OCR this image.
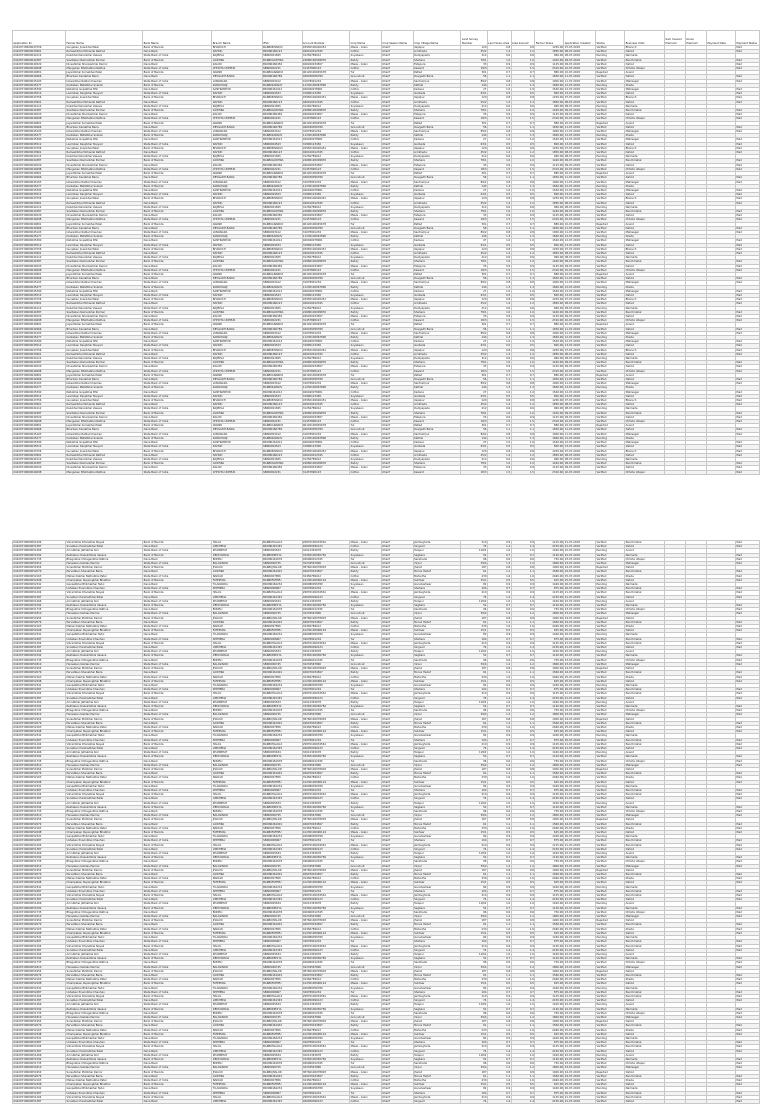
Application ID	Farmer Name	Bank Name	Branch Name	IFSC	Account Number	Crop Name	Crop Season Name	Crop Village Name	Land Survey Number	Land Sown Area	Area Insured	Farmer Share	Application Created	Status	Business Units	Sum Insured Premium	Gross Premium	Payment Date	Payment Status
04220718000043756	Gunjaben Jivanbhai Patel	Bank of Baroda	BHARUCH	BARB0BHARUC	03950100026451	Maize - Grain	Kharif	Vejalpur	120	0.8	0.8	1250.00	07-07-2018	Verified	Bharuch				Paid
04220718000043901	Rameshbhai Mohanlal Rathod	Dena Bank	DAHOD	BKDN0460123	046010012345	Cotton	Kharif	Limkheda	45/2	1.2	1.2	1850.00	08-07-2018	Verified	Dahod				Paid
04220718000044112	Kalubhai Naranbhai Vasava	State Bank of India	RAJPIPLA	SBIN0001845	31256789012	Soyabean	Kharif	Dediyapada	212	0.6	0.6	960.00	08-07-2018	Pending	Narmada				
04220718000044387	Savitaben Ramanbhai Parmar	Bank of Baroda	GODHRA	BARB0GODHRA	24680100009876	Paddy	Kharif	Shehera	78/1	1.0	1.0	1420.00	09-07-2018	Verified	Panchmahal				Paid
04220718000044520	Dineshbhai Shankarbhai Damor	Dena Bank	ZALOD	BKDN0460456	046020034567	Maize - Grain	Kharif	Fatepura	33	0.9	0.9	1125.00	09-07-2018	Verified	Dahod				Paid
04220718000044698	Manguben Bhikhabhai Rathva	State Bank of India	CHHOTA UDEPUR	SBIN0002231	31457890123	Cotton	Kharif	Kawant	18/3	1.5	1.5	2310.00	10-07-2018	Verified	Chhota Udepur				Paid
04220718000044801	Jayantibhai Somabhai Patel	Bank of Baroda	ANAND	BARB0ANANDX	06120100045678	Tur	Kharif	Petlad	301	0.7	0.7	880.00	10-07-2018	Rejected	Anand				
04220718000044966	Bhuriben Kanabhai Baria	Dena Bank	DEVGADH BARIA	BKDN0460789	046030056789	Groundnut	Kharif	Devgadh Baria	56	1.1	1.1	1650.00	11-07-2018	Verified	Dahod				Paid
04220718000045103	Ishwarbhai Ratilal Chauhan	State Bank of India	LUNAWADA	SBIN0003412	31678901234	Maize - Grain	Kharif	Santrampur	89/2	0.8	0.8	1000.00	11-07-2018	Verified	Mahisagar				Paid
04220718000045277	Kantaben Mafatbhai Solanki	Bank of Baroda	KAPADVANJ	BARB0KAPADV	11230100067890	Paddy	Kharif	Kathlal	144	1.3	1.3	1840.00	12-07-2018	Pending	Kheda				
04220718000045390	Natubhai Gopalbhai Bhil	Dena Bank	SANTRAMPUR	BKDN0461012	046040078901	Cotton	Kharif	Kadana	27	1.0	1.0	1540.00	12-07-2018	Verified	Mahisagar				Paid
04220718000045512	Laxmiben Ravjibhai Taviyad	State Bank of India	DAHOD	SBIN0004523	31890123456	Soyabean	Kharif	Garbada	63/1	0.5	0.5	800.00	13-07-2018	Verified	Dahod				Paid
04220718000043756	Gunjaben Jivanbhai Patel	Bank of Baroda	BHARUCH	BARB0BHARUC	03950100026451	Maize - Grain	Kharif	Vejalpur	120	0.8	0.8	1250.00	07-07-2018	Verified	Bharuch				Paid
04220718000043901	Rameshbhai Mohanlal Rathod	Dena Bank	DAHOD	BKDN0460123	046010012345	Cotton	Kharif	Limkheda	45/2	1.2	1.2	1850.00	08-07-2018	Verified	Dahod				Paid
04220718000044112	Kalubhai Naranbhai Vasava	State Bank of India	RAJPIPLA	SBIN0001845	31256789012	Soyabean	Kharif	Dediyapada	212	0.6	0.6	960.00	08-07-2018	Pending	Narmada				
04220718000044387	Savitaben Ramanbhai Parmar	Bank of Baroda	GODHRA	BARB0GODHRA	24680100009876	Paddy	Kharif	Shehera	78/1	1.0	1.0	1420.00	09-07-2018	Verified	Panchmahal				Paid
04220718000044520	Dineshbhai Shankarbhai Damor	Dena Bank	ZALOD	BKDN0460456	046020034567	Maize - Grain	Kharif	Fatepura	33	0.9	0.9	1125.00	09-07-2018	Verified	Dahod				Paid
04220718000044698	Manguben Bhikhabhai Rathva	State Bank of India	CHHOTA UDEPUR	SBIN0002231	31457890123	Cotton	Kharif	Kawant	18/3	1.5	1.5	2310.00	10-07-2018	Verified	Chhota Udepur				Paid
04220718000044801	Jayantibhai Somabhai Patel	Bank of Baroda	ANAND	BARB0ANANDX	06120100045678	Tur	Kharif	Petlad	301	0.7	0.7	880.00	10-07-2018	Rejected	Anand				
04220718000044966	Bhuriben Kanabhai Baria	Dena Bank	DEVGADH BARIA	BKDN0460789	046030056789	Groundnut	Kharif	Devgadh Baria	56	1.1	1.1	1650.00	11-07-2018	Verified	Dahod				Paid
04220718000045103	Ishwarbhai Ratilal Chauhan	State Bank of India	LUNAWADA	SBIN0003412	31678901234	Maize - Grain	Kharif	Santrampur	89/2	0.8	0.8	1000.00	11-07-2018	Verified	Mahisagar				Paid
04220718000045277	Kantaben Mafatbhai Solanki	Bank of Baroda	KAPADVANJ	BARB0KAPADV	11230100067890	Paddy	Kharif	Kathlal	144	1.3	1.3	1840.00	12-07-2018	Pending	Kheda				
04220718000045390	Natubhai Gopalbhai Bhil	Dena Bank	SANTRAMPUR	BKDN0461012	046040078901	Cotton	Kharif	Kadana	27	1.0	1.0	1540.00	12-07-2018	Verified	Mahisagar				Paid
04220718000045512	Laxmiben Ravjibhai Taviyad	State Bank of India	DAHOD	SBIN0004523	31890123456	Soyabean	Kharif	Garbada	63/1	0.5	0.5	800.00	13-07-2018	Verified	Dahod				Paid
04220718000043756	Gunjaben Jivanbhai Patel	Bank of Baroda	BHARUCH	BARB0BHARUC	03950100026451	Maize - Grain	Kharif	Vejalpur	120	0.8	0.8	1250.00	07-07-2018	Verified	Bharuch				Paid
04220718000043901	Rameshbhai Mohanlal Rathod	Dena Bank	DAHOD	BKDN0460123	046010012345	Cotton	Kharif	Limkheda	45/2	1.2	1.2	1850.00	08-07-2018	Verified	Dahod				Paid
04220718000044112	Kalubhai Naranbhai Vasava	State Bank of India	RAJPIPLA	SBIN0001845	31256789012	Soyabean	Kharif	Dediyapada	212	0.6	0.6	960.00	08-07-2018	Pending	Narmada				
04220718000044387	Savitaben Ramanbhai Parmar	Bank of Baroda	GODHRA	BARB0GODHRA	24680100009876	Paddy	Kharif	Shehera	78/1	1.0	1.0	1420.00	09-07-2018	Verified	Panchmahal				Paid
04220718000044520	Dineshbhai Shankarbhai Damor	Dena Bank	ZALOD	BKDN0460456	046020034567	Maize - Grain	Kharif	Fatepura	33	0.9	0.9	1125.00	09-07-2018	Verified	Dahod				Paid
04220718000044698	Manguben Bhikhabhai Rathva	State Bank of India	CHHOTA UDEPUR	SBIN0002231	31457890123	Cotton	Kharif	Kawant	18/3	1.5	1.5	2310.00	10-07-2018	Verified	Chhota Udepur				Paid
04220718000044801	Jayantibhai Somabhai Patel	Bank of Baroda	ANAND	BARB0ANANDX	06120100045678	Tur	Kharif	Petlad	301	0.7	0.7	880.00	10-07-2018	Rejected	Anand				
04220718000044966	Bhuriben Kanabhai Baria	Dena Bank	DEVGADH BARIA	BKDN0460789	046030056789	Groundnut	Kharif	Devgadh Baria	56	1.1	1.1	1650.00	11-07-2018	Verified	Dahod				Paid
04220718000045103	Ishwarbhai Ratilal Chauhan	State Bank of India	LUNAWADA	SBIN0003412	31678901234	Maize - Grain	Kharif	Santrampur	89/2	0.8	0.8	1000.00	11-07-2018	Verified	Mahisagar				Paid
04220718000045277	Kantaben Mafatbhai Solanki	Bank of Baroda	KAPADVANJ	BARB0KAPADV	11230100067890	Paddy	Kharif	Kathlal	144	1.3	1.3	1840.00	12-07-2018	Pending	Kheda				
04220718000045390	Natubhai Gopalbhai Bhil	Dena Bank	SANTRAMPUR	BKDN0461012	046040078901	Cotton	Kharif	Kadana	27	1.0	1.0	1540.00	12-07-2018	Verified	Mahisagar				Paid
04220718000045512	Laxmiben Ravjibhai Taviyad	State Bank of India	DAHOD	SBIN0004523	31890123456	Soyabean	Kharif	Garbada	63/1	0.5	0.5	800.00	13-07-2018	Verified	Dahod				Paid
04220718000043756	Gunjaben Jivanbhai Patel	Bank of Baroda	BHARUCH	BARB0BHARUC	03950100026451	Maize - Grain	Kharif	Vejalpur	120	0.8	0.8	1250.00	07-07-2018	Verified	Bharuch				Paid
04220718000043901	Rameshbhai Mohanlal Rathod	Dena Bank	DAHOD	BKDN0460123	046010012345	Cotton	Kharif	Limkheda	45/2	1.2	1.2	1850.00	08-07-2018	Verified	Dahod				Paid
04220718000044112	Kalubhai Naranbhai Vasava	State Bank of India	RAJPIPLA	SBIN0001845	31256789012	Soyabean	Kharif	Dediyapada	212	0.6	0.6	960.00	08-07-2018	Pending	Narmada				
04220718000044387	Savitaben Ramanbhai Parmar	Bank of Baroda	GODHRA	BARB0GODHRA	24680100009876	Paddy	Kharif	Shehera	78/1	1.0	1.0	1420.00	09-07-2018	Verified	Panchmahal				Paid
04220718000044520	Dineshbhai Shankarbhai Damor	Dena Bank	ZALOD	BKDN0460456	046020034567	Maize - Grain	Kharif	Fatepura	33	0.9	0.9	1125.00	09-07-2018	Verified	Dahod				Paid
04220718000044698	Manguben Bhikhabhai Rathva	State Bank of India	CHHOTA UDEPUR	SBIN0002231	31457890123	Cotton	Kharif	Kawant	18/3	1.5	1.5	2310.00	10-07-2018	Verified	Chhota Udepur				Paid
04220718000044801	Jayantibhai Somabhai Patel	Bank of Baroda	ANAND	BARB0ANANDX	06120100045678	Tur	Kharif	Petlad	301	0.7	0.7	880.00	10-07-2018	Rejected	Anand				
04220718000044966	Bhuriben Kanabhai Baria	Dena Bank	DEVGADH BARIA	BKDN0460789	046030056789	Groundnut	Kharif	Devgadh Baria	56	1.1	1.1	1650.00	11-07-2018	Verified	Dahod				Paid
04220718000045103	Ishwarbhai Ratilal Chauhan	State Bank of India	LUNAWADA	SBIN0003412	31678901234	Maize - Grain	Kharif	Santrampur	89/2	0.8	0.8	1000.00	11-07-2018	Verified	Mahisagar				Paid
04220718000045277	Kantaben Mafatbhai Solanki	Bank of Baroda	KAPADVANJ	BARB0KAPADV	11230100067890	Paddy	Kharif	Kathlal	144	1.3	1.3	1840.00	12-07-2018	Pending	Kheda				
04220718000045390	Natubhai Gopalbhai Bhil	Dena Bank	SANTRAMPUR	BKDN0461012	046040078901	Cotton	Kharif	Kadana	27	1.0	1.0	1540.00	12-07-2018	Verified	Mahisagar				Paid
04220718000045512	Laxmiben Ravjibhai Taviyad	State Bank of India	DAHOD	SBIN0004523	31890123456	Soyabean	Kharif	Garbada	63/1	0.5	0.5	800.00	13-07-2018	Verified	Dahod				Paid
04220718000043756	Gunjaben Jivanbhai Patel	Bank of Baroda	BHARUCH	BARB0BHARUC	03950100026451	Maize - Grain	Kharif	Vejalpur	120	0.8	0.8	1250.00	07-07-2018	Verified	Bharuch				Paid
04220718000043901	Rameshbhai Mohanlal Rathod	Dena Bank	DAHOD	BKDN0460123	046010012345	Cotton	Kharif	Limkheda	45/2	1.2	1.2	1850.00	08-07-2018	Verified	Dahod				Paid
04220718000044112	Kalubhai Naranbhai Vasava	State Bank of India	RAJPIPLA	SBIN0001845	31256789012	Soyabean	Kharif	Dediyapada	212	0.6	0.6	960.00	08-07-2018	Pending	Narmada				
04220718000044387	Savitaben Ramanbhai Parmar	Bank of Baroda	GODHRA	BARB0GODHRA	24680100009876	Paddy	Kharif	Shehera	78/1	1.0	1.0	1420.00	09-07-2018	Verified	Panchmahal				Paid
04220718000044520	Dineshbhai Shankarbhai Damor	Dena Bank	ZALOD	BKDN0460456	046020034567	Maize - Grain	Kharif	Fatepura	33	0.9	0.9	1125.00	09-07-2018	Verified	Dahod				Paid
04220718000044698	Manguben Bhikhabhai Rathva	State Bank of India	CHHOTA UDEPUR	SBIN0002231	31457890123	Cotton	Kharif	Kawant	18/3	1.5	1.5	2310.00	10-07-2018	Verified	Chhota Udepur				Paid
04220718000044801	Jayantibhai Somabhai Patel	Bank of Baroda	ANAND	BARB0ANANDX	06120100045678	Tur	Kharif	Petlad	301	0.7	0.7	880.00	10-07-2018	Rejected	Anand				
04220718000044966	Bhuriben Kanabhai Baria	Dena Bank	DEVGADH BARIA	BKDN0460789	046030056789	Groundnut	Kharif	Devgadh Baria	56	1.1	1.1	1650.00	11-07-2018	Verified	Dahod				Paid
04220718000045103	Ishwarbhai Ratilal Chauhan	State Bank of India	LUNAWADA	SBIN0003412	31678901234	Maize - Grain	Kharif	Santrampur	89/2	0.8	0.8	1000.00	11-07-2018	Verified	Mahisagar				Paid
04220718000045277	Kantaben Mafatbhai Solanki	Bank of Baroda	KAPADVANJ	BARB0KAPADV	11230100067890	Paddy	Kharif	Kathlal	144	1.3	1.3	1840.00	12-07-2018	Pending	Kheda				
04220718000045390	Natubhai Gopalbhai Bhil	Dena Bank	SANTRAMPUR	BKDN0461012	046040078901	Cotton	Kharif	Kadana	27	1.0	1.0	1540.00	12-07-2018	Verified	Mahisagar				Paid
04220718000045512	Laxmiben Ravjibhai Taviyad	State Bank of India	DAHOD	SBIN0004523	31890123456	Soyabean	Kharif	Garbada	63/1	0.5	0.5	800.00	13-07-2018	Verified	Dahod				Paid
04220718000043756	Gunjaben Jivanbhai Patel	Bank of Baroda	BHARUCH	BARB0BHARUC	03950100026451	Maize - Grain	Kharif	Vejalpur	120	0.8	0.8	1250.00	07-07-2018	Verified	Bharuch				Paid
04220718000043901	Rameshbhai Mohanlal Rathod	Dena Bank	DAHOD	BKDN0460123	046010012345	Cotton	Kharif	Limkheda	45/2	1.2	1.2	1850.00	08-07-2018	Verified	Dahod				Paid
04220718000044112	Kalubhai Naranbhai Vasava	State Bank of India	RAJPIPLA	SBIN0001845	31256789012	Soyabean	Kharif	Dediyapada	212	0.6	0.6	960.00	08-07-2018	Pending	Narmada				
04220718000044387	Savitaben Ramanbhai Parmar	Bank of Baroda	GODHRA	BARB0GODHRA	24680100009876	Paddy	Kharif	Shehera	78/1	1.0	1.0	1420.00	09-07-2018	Verified	Panchmahal				Paid
04220718000044520	Dineshbhai Shankarbhai Damor	Dena Bank	ZALOD	BKDN0460456	046020034567	Maize - Grain	Kharif	Fatepura	33	0.9	0.9	1125.00	09-07-2018	Verified	Dahod				Paid
04220718000044698	Manguben Bhikhabhai Rathva	State Bank of India	CHHOTA UDEPUR	SBIN0002231	31457890123	Cotton	Kharif	Kawant	18/3	1.5	1.5	2310.00	10-07-2018	Verified	Chhota Udepur				Paid
04220718000044801	Jayantibhai Somabhai Patel	Bank of Baroda	ANAND	BARB0ANANDX	06120100045678	Tur	Kharif	Petlad	301	0.7	0.7	880.00	10-07-2018	Rejected	Anand				
04220718000044966	Bhuriben Kanabhai Baria	Dena Bank	DEVGADH BARIA	BKDN0460789	046030056789	Groundnut	Kharif	Devgadh Baria	56	1.1	1.1	1650.00	11-07-2018	Verified	Dahod				Paid
04220718000045103	Ishwarbhai Ratilal Chauhan	State Bank of India	LUNAWADA	SBIN0003412	31678901234	Maize - Grain	Kharif	Santrampur	89/2	0.8	0.8	1000.00	11-07-2018	Verified	Mahisagar				Paid
04220718000045277	Kantaben Mafatbhai Solanki	Bank of Baroda	KAPADVANJ	BARB0KAPADV	11230100067890	Paddy	Kharif	Kathlal	144	1.3	1.3	1840.00	12-07-2018	Pending	Kheda				
04220718000045390	Natubhai Gopalbhai Bhil	Dena Bank	SANTRAMPUR	BKDN0461012	046040078901	Cotton	Kharif	Kadana	27	1.0	1.0	1540.00	12-07-2018	Verified	Mahisagar				Paid
04220718000045512	Laxmiben Ravjibhai Taviyad	State Bank of India	DAHOD	SBIN0004523	31890123456	Soyabean	Kharif	Garbada	63/1	0.5	0.5	800.00	13-07-2018	Verified	Dahod				Paid
04220718000043756	Gunjaben Jivanbhai Patel	Bank of Baroda	BHARUCH	BARB0BHARUC	03950100026451	Maize - Grain	Kharif	Vejalpur	120	0.8	0.8	1250.00	07-07-2018	Verified	Bharuch				Paid
04220718000043901	Rameshbhai Mohanlal Rathod	Dena Bank	DAHOD	BKDN0460123	046010012345	Cotton	Kharif	Limkheda	45/2	1.2	1.2	1850.00	08-07-2018	Verified	Dahod				Paid
04220718000044112	Kalubhai Naranbhai Vasava	State Bank of India	RAJPIPLA	SBIN0001845	31256789012	Soyabean	Kharif	Dediyapada	212	0.6	0.6	960.00	08-07-2018	Pending	Narmada				
04220718000044387	Savitaben Ramanbhai Parmar	Bank of Baroda	GODHRA	BARB0GODHRA	24680100009876	Paddy	Kharif	Shehera	78/1	1.0	1.0	1420.00	09-07-2018	Verified	Panchmahal				Paid
04220718000044520	Dineshbhai Shankarbhai Damor	Dena Bank	ZALOD	BKDN0460456	046020034567	Maize - Grain	Kharif	Fatepura	33	0.9	0.9	1125.00	09-07-2018	Verified	Dahod				Paid
04220718000044698	Manguben Bhikhabhai Rathva	State Bank of India	CHHOTA UDEPUR	SBIN0002231	31457890123	Cotton	Kharif	Kawant	18/3	1.5	1.5	2310.00	10-07-2018	Verified	Chhota Udepur				Paid
04220718000044801	Jayantibhai Somabhai Patel	Bank of Baroda	ANAND	BARB0ANANDX	06120100045678	Tur	Kharif	Petlad	301	0.7	0.7	880.00	10-07-2018	Rejected	Anand				
04220718000044966	Bhuriben Kanabhai Baria	Dena Bank	DEVGADH BARIA	BKDN0460789	046030056789	Groundnut	Kharif	Devgadh Baria	56	1.1	1.1	1650.00	11-07-2018	Verified	Dahod				Paid
04220718000045103	Ishwarbhai Ratilal Chauhan	State Bank of India	LUNAWADA	SBIN0003412	31678901234	Maize - Grain	Kharif	Santrampur	89/2	0.8	0.8	1000.00	11-07-2018	Verified	Mahisagar				Paid
04220718000045277	Kantaben Mafatbhai Solanki	Bank of Baroda	KAPADVANJ	BARB0KAPADV	11230100067890	Paddy	Kharif	Kathlal	144	1.3	1.3	1840.00	12-07-2018	Pending	Kheda				
04220718000045390	Natubhai Gopalbhai Bhil	Dena Bank	SANTRAMPUR	BKDN0461012	046040078901	Cotton	Kharif	Kadana	27	1.0	1.0	1540.00	12-07-2018	Verified	Mahisagar				Paid
04220718000045512	Laxmiben Ravjibhai Taviyad	State Bank of India	DAHOD	SBIN0004523	31890123456	Soyabean	Kharif	Garbada	63/1	0.5	0.5	800.00	13-07-2018	Verified	Dahod				Paid
04220718000043756	Gunjaben Jivanbhai Patel	Bank of Baroda	BHARUCH	BARB0BHARUC	03950100026451	Maize - Grain	Kharif	Vejalpur	120	0.8	0.8	1250.00	07-07-2018	Verified	Bharuch				Paid
04220718000043901	Rameshbhai Mohanlal Rathod	Dena Bank	DAHOD	BKDN0460123	046010012345	Cotton	Kharif	Limkheda	45/2	1.2	1.2	1850.00	08-07-2018	Verified	Dahod				Paid
04220718000044112	Kalubhai Naranbhai Vasava	State Bank of India	RAJPIPLA	SBIN0001845	31256789012	Soyabean	Kharif	Dediyapada	212	0.6	0.6	960.00	08-07-2018	Pending	Narmada				
04220718000044387	Savitaben Ramanbhai Parmar	Bank of Baroda	GODHRA	BARB0GODHRA	24680100009876	Paddy	Kharif	Shehera	78/1	1.0	1.0	1420.00	09-07-2018	Verified	Panchmahal				Paid
04220718000044520	Dineshbhai Shankarbhai Damor	Dena Bank	ZALOD	BKDN0460456	046020034567	Maize - Grain	Kharif	Fatepura	33	0.9	0.9	1125.00	09-07-2018	Verified	Dahod				Paid
04220718000044698	Manguben Bhikhabhai Rathva	State Bank of India	CHHOTA UDEPUR	SBIN0002231	31457890123	Cotton	Kharif	Kawant	18/3	1.5	1.5	2310.00	10-07-2018	Verified	Chhota Udepur				Paid
04220718000044801	Jayantibhai Somabhai Patel	Bank of Baroda	ANAND	BARB0ANANDX	06120100045678	Tur	Kharif	Petlad	301	0.7	0.7	880.00	10-07-2018	Rejected	Anand				
04220718000044966	Bhuriben Kanabhai Baria	Dena Bank	DEVGADH BARIA	BKDN0460789	046030056789	Groundnut	Kharif	Devgadh Baria	56	1.1	1.1	1650.00	11-07-2018	Verified	Dahod				Paid
04220718000045103	Ishwarbhai Ratilal Chauhan	State Bank of India	LUNAWADA	SBIN0003412	31678901234	Maize - Grain	Kharif	Santrampur	89/2	0.8	0.8	1000.00	11-07-2018	Verified	Mahisagar				Paid
04220718000045277	Kantaben Mafatbhai Solanki	Bank of Baroda	KAPADVANJ	BARB0KAPADV	11230100067890	Paddy	Kharif	Kathlal	144	1.3	1.3	1840.00	12-07-2018	Pending	Kheda				
04220718000045390	Natubhai Gopalbhai Bhil	Dena Bank	SANTRAMPUR	BKDN0461012	046040078901	Cotton	Kharif	Kadana	27	1.0	1.0	1540.00	12-07-2018	Verified	Mahisagar				Paid
04220718000045512	Laxmiben Ravjibhai Taviyad	State Bank of India	DAHOD	SBIN0004523	31890123456	Soyabean	Kharif	Garbada	63/1	0.5	0.5	800.00	13-07-2018	Verified	Dahod				Paid
04220718000043756	Gunjaben Jivanbhai Patel	Bank of Baroda	BHARUCH	BARB0BHARUC	03950100026451	Maize - Grain	Kharif	Vejalpur	120	0.8	0.8	1250.00	07-07-2018	Verified	Bharuch				Paid
04220718000043901	Rameshbhai Mohanlal Rathod	Dena Bank	DAHOD	BKDN0460123	046010012345	Cotton	Kharif	Limkheda	45/2	1.2	1.2	1850.00	08-07-2018	Verified	Dahod				Paid
04220718000044112	Kalubhai Naranbhai Vasava	State Bank of India	RAJPIPLA	SBIN0001845	31256789012	Soyabean	Kharif	Dediyapada	212	0.6	0.6	960.00	08-07-2018	Pending	Narmada				
04220718000044387	Savitaben Ramanbhai Parmar	Bank of Baroda	GODHRA	BARB0GODHRA	24680100009876	Paddy	Kharif	Shehera	78/1	1.0	1.0	1420.00	09-07-2018	Verified	Panchmahal				Paid
04220718000044520	Dineshbhai Shankarbhai Damor	Dena Bank	ZALOD	BKDN0460456	046020034567	Maize - Grain	Kharif	Fatepura	33	0.9	0.9	1125.00	09-07-2018	Verified	Dahod				Paid
04220718000044698	Manguben Bhikhabhai Rathva	State Bank of India	CHHOTA UDEPUR	SBIN0002231	31457890123	Cotton	Kharif	Kawant	18/3	1.5	1.5	2310.00	10-07-2018	Verified	Chhota Udepur				Paid
04220718000051204	Vikrambhai Dhulabhai Nayak	Bank of Baroda	HALOL	BARB0HALOLX	29870100034561	Maize - Grain	Kharif	Jambughoda	210	0.9	0.9	1125.00	21-07-2018	Verified	Panchmahal				Paid
04220718000051387	Sonalben Harshadbhai Patel	Dena Bank	LIMKHEDA	BKDN0461345	046050090123	Cotton	Kharif	Singvad	74	1.4	1.4	2150.00	21-07-2018	Verified	Dahod				Paid
04220718000051466	Amrutbhai Jethabhai Koli	State Bank of India	KHAMBHAT	SBIN0005634	32012345678	Paddy	Kharif	Tarapur	118/2	1.0	1.0	1420.00	22-07-2018	Pending	Anand				
04220718000051592	Rekhaben Dalsukhbhai Vasava	Bank of Baroda	DEDIYAPADA	BARB0DEDIYA	33450100056782	Soyabean	Kharif	Sagbara	52	0.7	0.7	1120.00	22-07-2018	Verified	Narmada				Paid
04220718000051735	Bhagubhai Chhaganbhai Rathva	Dena Bank	BODELI	BKDN0461678	046060012345	Tur	Kharif	Sankheda	96	0.6	0.6	750.00	23-07-2018	Verified	Chhota Udepur				Paid
04220718000051810	Hansaben Kalidas Parmar	State Bank of India	BALASINOR	SBIN0006745	32234567890	Groundnut	Kharif	Virpur	39/4	1.2	1.2	1800.00	23-07-2018	Verified	Mahisagar				Paid
04220718000051954	Sureshbhai Motibhai Damor	Bank of Baroda	JHALOD	BARB0JHALOD	38760100078903	Maize - Grain	Kharif	Jhalod	187	0.8	0.8	1000.00	24-07-2018	Rejected	Dahod				
04220718000052079	Parvatiben Shanabhai Baria	Dena Bank	GODHRA	BKDN0461901	046070034567	Paddy	Kharif	Morva Hadaf	61	1.1	1.1	1560.00	24-07-2018	Verified	Panchmahal				Paid
04220718000052163	Mahendrabhai Nathabhai Patel	State Bank of India	NADIAD	SBIN0007856	32456789012	Cotton	Kharif	Mahudha	230	1.6	1.6	2460.00	25-07-2018	Verified	Kheda				Paid
04220718000052298	Champaben Rupsingbhai Bhabhor	Bank of Baroda	FATEPURA	BARB0FATEPU	41230100090124	Maize - Grain	Kharif	Sukhsar	15/1	0.5	0.5	625.00	25-07-2018	Verified	Dahod				Paid
04220718000052341	Ganpatbhai Bhikhabhai Tadvi	Dena Bank	TILAKWADA	BKDN0462234	046080056789	Soyabean	Kharif	Garudeshwar	82	0.9	0.9	1440.00	26-07-2018	Pending	Narmada				
04220718000052487	Ushaben Pravinbhai Chauhan	State Bank of India	SHEHERA	SBIN0008967	32678901234	Tur	Kharif	Shehera	104	0.7	0.7	875.00	26-07-2018	Verified	Panchmahal				Paid
04220718000051204	Vikrambhai Dhulabhai Nayak	Bank of Baroda	HALOL	BARB0HALOLX	29870100034561	Maize - Grain	Kharif	Jambughoda	210	0.9	0.9	1125.00	21-07-2018	Verified	Panchmahal				Paid
04220718000051387	Sonalben Harshadbhai Patel	Dena Bank	LIMKHEDA	BKDN0461345	046050090123	Cotton	Kharif	Singvad	74	1.4	1.4	2150.00	21-07-2018	Verified	Dahod				Paid
04220718000051466	Amrutbhai Jethabhai Koli	State Bank of India	KHAMBHAT	SBIN0005634	32012345678	Paddy	Kharif	Tarapur	118/2	1.0	1.0	1420.00	22-07-2018	Pending	Anand				
04220718000051592	Rekhaben Dalsukhbhai Vasava	Bank of Baroda	DEDIYAPADA	BARB0DEDIYA	33450100056782	Soyabean	Kharif	Sagbara	52	0.7	0.7	1120.00	22-07-2018	Verified	Narmada				Paid
04220718000051735	Bhagubhai Chhaganbhai Rathva	Dena Bank	BODELI	BKDN0461678	046060012345	Tur	Kharif	Sankheda	96	0.6	0.6	750.00	23-07-2018	Verified	Chhota Udepur				Paid
04220718000051810	Hansaben Kalidas Parmar	State Bank of India	BALASINOR	SBIN0006745	32234567890	Groundnut	Kharif	Virpur	39/4	1.2	1.2	1800.00	23-07-2018	Verified	Mahisagar				Paid
04220718000051954	Sureshbhai Motibhai Damor	Bank of Baroda	JHALOD	BARB0JHALOD	38760100078903	Maize - Grain	Kharif	Jhalod	187	0.8	0.8	1000.00	24-07-2018	Rejected	Dahod				
04220718000052079	Parvatiben Shanabhai Baria	Dena Bank	GODHRA	BKDN0461901	046070034567	Paddy	Kharif	Morva Hadaf	61	1.1	1.1	1560.00	24-07-2018	Verified	Panchmahal				Paid
04220718000052163	Mahendrabhai Nathabhai Patel	State Bank of India	NADIAD	SBIN0007856	32456789012	Cotton	Kharif	Mahudha	230	1.6	1.6	2460.00	25-07-2018	Verified	Kheda				Paid
04220718000052298	Champaben Rupsingbhai Bhabhor	Bank of Baroda	FATEPURA	BARB0FATEPU	41230100090124	Maize - Grain	Kharif	Sukhsar	15/1	0.5	0.5	625.00	25-07-2018	Verified	Dahod				Paid
04220718000052341	Ganpatbhai Bhikhabhai Tadvi	Dena Bank	TILAKWADA	BKDN0462234	046080056789	Soyabean	Kharif	Garudeshwar	82	0.9	0.9	1440.00	26-07-2018	Pending	Narmada				
04220718000052487	Ushaben Pravinbhai Chauhan	State Bank of India	SHEHERA	SBIN0008967	32678901234	Tur	Kharif	Shehera	104	0.7	0.7	875.00	26-07-2018	Verified	Panchmahal				Paid
04220718000051204	Vikrambhai Dhulabhai Nayak	Bank of Baroda	HALOL	BARB0HALOLX	29870100034561	Maize - Grain	Kharif	Jambughoda	210	0.9	0.9	1125.00	21-07-2018	Verified	Panchmahal				Paid
04220718000051387	Sonalben Harshadbhai Patel	Dena Bank	LIMKHEDA	BKDN0461345	046050090123	Cotton	Kharif	Singvad	74	1.4	1.4	2150.00	21-07-2018	Verified	Dahod				Paid
04220718000051466	Amrutbhai Jethabhai Koli	State Bank of India	KHAMBHAT	SBIN0005634	32012345678	Paddy	Kharif	Tarapur	118/2	1.0	1.0	1420.00	22-07-2018	Pending	Anand				
04220718000051592	Rekhaben Dalsukhbhai Vasava	Bank of Baroda	DEDIYAPADA	BARB0DEDIYA	33450100056782	Soyabean	Kharif	Sagbara	52	0.7	0.7	1120.00	22-07-2018	Verified	Narmada				Paid
04220718000051735	Bhagubhai Chhaganbhai Rathva	Dena Bank	BODELI	BKDN0461678	046060012345	Tur	Kharif	Sankheda	96	0.6	0.6	750.00	23-07-2018	Verified	Chhota Udepur				Paid
04220718000051810	Hansaben Kalidas Parmar	State Bank of India	BALASINOR	SBIN0006745	32234567890	Groundnut	Kharif	Virpur	39/4	1.2	1.2	1800.00	23-07-2018	Verified	Mahisagar				Paid
04220718000051954	Sureshbhai Motibhai Damor	Bank of Baroda	JHALOD	BARB0JHALOD	38760100078903	Maize - Grain	Kharif	Jhalod	187	0.8	0.8	1000.00	24-07-2018	Rejected	Dahod				
04220718000052079	Parvatiben Shanabhai Baria	Dena Bank	GODHRA	BKDN0461901	046070034567	Paddy	Kharif	Morva Hadaf	61	1.1	1.1	1560.00	24-07-2018	Verified	Panchmahal				Paid
04220718000052163	Mahendrabhai Nathabhai Patel	State Bank of India	NADIAD	SBIN0007856	32456789012	Cotton	Kharif	Mahudha	230	1.6	1.6	2460.00	25-07-2018	Verified	Kheda				Paid
04220718000052298	Champaben Rupsingbhai Bhabhor	Bank of Baroda	FATEPURA	BARB0FATEPU	41230100090124	Maize - Grain	Kharif	Sukhsar	15/1	0.5	0.5	625.00	25-07-2018	Verified	Dahod				Paid
04220718000052341	Ganpatbhai Bhikhabhai Tadvi	Dena Bank	TILAKWADA	BKDN0462234	046080056789	Soyabean	Kharif	Garudeshwar	82	0.9	0.9	1440.00	26-07-2018	Pending	Narmada				
04220718000052487	Ushaben Pravinbhai Chauhan	State Bank of India	SHEHERA	SBIN0008967	32678901234	Tur	Kharif	Shehera	104	0.7	0.7	875.00	26-07-2018	Verified	Panchmahal				Paid
04220718000051204	Vikrambhai Dhulabhai Nayak	Bank of Baroda	HALOL	BARB0HALOLX	29870100034561	Maize - Grain	Kharif	Jambughoda	210	0.9	0.9	1125.00	21-07-2018	Verified	Panchmahal				Paid
04220718000051387	Sonalben Harshadbhai Patel	Dena Bank	LIMKHEDA	BKDN0461345	046050090123	Cotton	Kharif	Singvad	74	1.4	1.4	2150.00	21-07-2018	Verified	Dahod				Paid
04220718000051466	Amrutbhai Jethabhai Koli	State Bank of India	KHAMBHAT	SBIN0005634	32012345678	Paddy	Kharif	Tarapur	118/2	1.0	1.0	1420.00	22-07-2018	Pending	Anand				
04220718000051592	Rekhaben Dalsukhbhai Vasava	Bank of Baroda	DEDIYAPADA	BARB0DEDIYA	33450100056782	Soyabean	Kharif	Sagbara	52	0.7	0.7	1120.00	22-07-2018	Verified	Narmada				Paid
04220718000051735	Bhagubhai Chhaganbhai Rathva	Dena Bank	BODELI	BKDN0461678	046060012345	Tur	Kharif	Sankheda	96	0.6	0.6	750.00	23-07-2018	Verified	Chhota Udepur				Paid
04220718000051810	Hansaben Kalidas Parmar	State Bank of India	BALASINOR	SBIN0006745	32234567890	Groundnut	Kharif	Virpur	39/4	1.2	1.2	1800.00	23-07-2018	Verified	Mahisagar				Paid
04220718000051954	Sureshbhai Motibhai Damor	Bank of Baroda	JHALOD	BARB0JHALOD	38760100078903	Maize - Grain	Kharif	Jhalod	187	0.8	0.8	1000.00	24-07-2018	Rejected	Dahod				
04220718000052079	Parvatiben Shanabhai Baria	Dena Bank	GODHRA	BKDN0461901	046070034567	Paddy	Kharif	Morva Hadaf	61	1.1	1.1	1560.00	24-07-2018	Verified	Panchmahal				Paid
04220718000052163	Mahendrabhai Nathabhai Patel	State Bank of India	NADIAD	SBIN0007856	32456789012	Cotton	Kharif	Mahudha	230	1.6	1.6	2460.00	25-07-2018	Verified	Kheda				Paid
04220718000052298	Champaben Rupsingbhai Bhabhor	Bank of Baroda	FATEPURA	BARB0FATEPU	41230100090124	Maize - Grain	Kharif	Sukhsar	15/1	0.5	0.5	625.00	25-07-2018	Verified	Dahod				Paid
04220718000052341	Ganpatbhai Bhikhabhai Tadvi	Dena Bank	TILAKWADA	BKDN0462234	046080056789	Soyabean	Kharif	Garudeshwar	82	0.9	0.9	1440.00	26-07-2018	Pending	Narmada				
04220718000052487	Ushaben Pravinbhai Chauhan	State Bank of India	SHEHERA	SBIN0008967	32678901234	Tur	Kharif	Shehera	104	0.7	0.7	875.00	26-07-2018	Verified	Panchmahal				Paid
04220718000051204	Vikrambhai Dhulabhai Nayak	Bank of Baroda	HALOL	BARB0HALOLX	29870100034561	Maize - Grain	Kharif	Jambughoda	210	0.9	0.9	1125.00	21-07-2018	Verified	Panchmahal				Paid
04220718000051387	Sonalben Harshadbhai Patel	Dena Bank	LIMKHEDA	BKDN0461345	046050090123	Cotton	Kharif	Singvad	74	1.4	1.4	2150.00	21-07-2018	Verified	Dahod				Paid
04220718000051466	Amrutbhai Jethabhai Koli	State Bank of India	KHAMBHAT	SBIN0005634	32012345678	Paddy	Kharif	Tarapur	118/2	1.0	1.0	1420.00	22-07-2018	Pending	Anand				
04220718000051592	Rekhaben Dalsukhbhai Vasava	Bank of Baroda	DEDIYAPADA	BARB0DEDIYA	33450100056782	Soyabean	Kharif	Sagbara	52	0.7	0.7	1120.00	22-07-2018	Verified	Narmada				Paid
04220718000051735	Bhagubhai Chhaganbhai Rathva	Dena Bank	BODELI	BKDN0461678	046060012345	Tur	Kharif	Sankheda	96	0.6	0.6	750.00	23-07-2018	Verified	Chhota Udepur				Paid
04220718000051810	Hansaben Kalidas Parmar	State Bank of India	BALASINOR	SBIN0006745	32234567890	Groundnut	Kharif	Virpur	39/4	1.2	1.2	1800.00	23-07-2018	Verified	Mahisagar				Paid
04220718000051954	Sureshbhai Motibhai Damor	Bank of Baroda	JHALOD	BARB0JHALOD	38760100078903	Maize - Grain	Kharif	Jhalod	187	0.8	0.8	1000.00	24-07-2018	Rejected	Dahod				
04220718000052079	Parvatiben Shanabhai Baria	Dena Bank	GODHRA	BKDN0461901	046070034567	Paddy	Kharif	Morva Hadaf	61	1.1	1.1	1560.00	24-07-2018	Verified	Panchmahal				Paid
04220718000052163	Mahendrabhai Nathabhai Patel	State Bank of India	NADIAD	SBIN0007856	32456789012	Cotton	Kharif	Mahudha	230	1.6	1.6	2460.00	25-07-2018	Verified	Kheda				Paid
04220718000052298	Champaben Rupsingbhai Bhabhor	Bank of Baroda	FATEPURA	BARB0FATEPU	41230100090124	Maize - Grain	Kharif	Sukhsar	15/1	0.5	0.5	625.00	25-07-2018	Verified	Dahod				Paid
04220718000052341	Ganpatbhai Bhikhabhai Tadvi	Dena Bank	TILAKWADA	BKDN0462234	046080056789	Soyabean	Kharif	Garudeshwar	82	0.9	0.9	1440.00	26-07-2018	Pending	Narmada				
04220718000052487	Ushaben Pravinbhai Chauhan	State Bank of India	SHEHERA	SBIN0008967	32678901234	Tur	Kharif	Shehera	104	0.7	0.7	875.00	26-07-2018	Verified	Panchmahal				Paid
04220718000051204	Vikrambhai Dhulabhai Nayak	Bank of Baroda	HALOL	BARB0HALOLX	29870100034561	Maize - Grain	Kharif	Jambughoda	210	0.9	0.9	1125.00	21-07-2018	Verified	Panchmahal				Paid
04220718000051387	Sonalben Harshadbhai Patel	Dena Bank	LIMKHEDA	BKDN0461345	046050090123	Cotton	Kharif	Singvad	74	1.4	1.4	2150.00	21-07-2018	Verified	Dahod				Paid
04220718000051466	Amrutbhai Jethabhai Koli	State Bank of India	KHAMBHAT	SBIN0005634	32012345678	Paddy	Kharif	Tarapur	118/2	1.0	1.0	1420.00	22-07-2018	Pending	Anand				
04220718000051592	Rekhaben Dalsukhbhai Vasava	Bank of Baroda	DEDIYAPADA	BARB0DEDIYA	33450100056782	Soyabean	Kharif	Sagbara	52	0.7	0.7	1120.00	22-07-2018	Verified	Narmada				Paid
04220718000051735	Bhagubhai Chhaganbhai Rathva	Dena Bank	BODELI	BKDN0461678	046060012345	Tur	Kharif	Sankheda	96	0.6	0.6	750.00	23-07-2018	Verified	Chhota Udepur				Paid
04220718000051810	Hansaben Kalidas Parmar	State Bank of India	BALASINOR	SBIN0006745	32234567890	Groundnut	Kharif	Virpur	39/4	1.2	1.2	1800.00	23-07-2018	Verified	Mahisagar				Paid
04220718000051954	Sureshbhai Motibhai Damor	Bank of Baroda	JHALOD	BARB0JHALOD	38760100078903	Maize - Grain	Kharif	Jhalod	187	0.8	0.8	1000.00	24-07-2018	Rejected	Dahod				
04220718000052079	Parvatiben Shanabhai Baria	Dena Bank	GODHRA	BKDN0461901	046070034567	Paddy	Kharif	Morva Hadaf	61	1.1	1.1	1560.00	24-07-2018	Verified	Panchmahal				Paid
04220718000052163	Mahendrabhai Nathabhai Patel	State Bank of India	NADIAD	SBIN0007856	32456789012	Cotton	Kharif	Mahudha	230	1.6	1.6	2460.00	25-07-2018	Verified	Kheda				Paid
04220718000052298	Champaben Rupsingbhai Bhabhor	Bank of Baroda	FATEPURA	BARB0FATEPU	41230100090124	Maize - Grain	Kharif	Sukhsar	15/1	0.5	0.5	625.00	25-07-2018	Verified	Dahod				Paid
04220718000052341	Ganpatbhai Bhikhabhai Tadvi	Dena Bank	TILAKWADA	BKDN0462234	046080056789	Soyabean	Kharif	Garudeshwar	82	0.9	0.9	1440.00	26-07-2018	Pending	Narmada				
04220718000052487	Ushaben Pravinbhai Chauhan	State Bank of India	SHEHERA	SBIN0008967	32678901234	Tur	Kharif	Shehera	104	0.7	0.7	875.00	26-07-2018	Verified	Panchmahal				Paid
04220718000051204	Vikrambhai Dhulabhai Nayak	Bank of Baroda	HALOL	BARB0HALOLX	29870100034561	Maize - Grain	Kharif	Jambughoda	210	0.9	0.9	1125.00	21-07-2018	Verified	Panchmahal				Paid
04220718000051387	Sonalben Harshadbhai Patel	Dena Bank	LIMKHEDA	BKDN0461345	046050090123	Cotton	Kharif	Singvad	74	1.4	1.4	2150.00	21-07-2018	Verified	Dahod				Paid
04220718000051466	Amrutbhai Jethabhai Koli	State Bank of India	KHAMBHAT	SBIN0005634	32012345678	Paddy	Kharif	Tarapur	118/2	1.0	1.0	1420.00	22-07-2018	Pending	Anand				
04220718000051592	Rekhaben Dalsukhbhai Vasava	Bank of Baroda	DEDIYAPADA	BARB0DEDIYA	33450100056782	Soyabean	Kharif	Sagbara	52	0.7	0.7	1120.00	22-07-2018	Verified	Narmada				Paid
04220718000051735	Bhagubhai Chhaganbhai Rathva	Dena Bank	BODELI	BKDN0461678	046060012345	Tur	Kharif	Sankheda	96	0.6	0.6	750.00	23-07-2018	Verified	Chhota Udepur				Paid
04220718000051810	Hansaben Kalidas Parmar	State Bank of India	BALASINOR	SBIN0006745	32234567890	Groundnut	Kharif	Virpur	39/4	1.2	1.2	1800.00	23-07-2018	Verified	Mahisagar				Paid
04220718000051954	Sureshbhai Motibhai Damor	Bank of Baroda	JHALOD	BARB0JHALOD	38760100078903	Maize - Grain	Kharif	Jhalod	187	0.8	0.8	1000.00	24-07-2018	Rejected	Dahod				
04220718000052079	Parvatiben Shanabhai Baria	Dena Bank	GODHRA	BKDN0461901	046070034567	Paddy	Kharif	Morva Hadaf	61	1.1	1.1	1560.00	24-07-2018	Verified	Panchmahal				Paid
04220718000052163	Mahendrabhai Nathabhai Patel	State Bank of India	NADIAD	SBIN0007856	32456789012	Cotton	Kharif	Mahudha	230	1.6	1.6	2460.00	25-07-2018	Verified	Kheda				Paid
04220718000052298	Champaben Rupsingbhai Bhabhor	Bank of Baroda	FATEPURA	BARB0FATEPU	41230100090124	Maize - Grain	Kharif	Sukhsar	15/1	0.5	0.5	625.00	25-07-2018	Verified	Dahod				Paid
04220718000052341	Ganpatbhai Bhikhabhai Tadvi	Dena Bank	TILAKWADA	BKDN0462234	046080056789	Soyabean	Kharif	Garudeshwar	82	0.9	0.9	1440.00	26-07-2018	Pending	Narmada				
04220718000052487	Ushaben Pravinbhai Chauhan	State Bank of India	SHEHERA	SBIN0008967	32678901234	Tur	Kharif	Shehera	104	0.7	0.7	875.00	26-07-2018	Verified	Panchmahal				Paid
04220718000051204	Vikrambhai Dhulabhai Nayak	Bank of Baroda	HALOL	BARB0HALOLX	29870100034561	Maize - Grain	Kharif	Jambughoda	210	0.9	0.9	1125.00	21-07-2018	Verified	Panchmahal				Paid
04220718000051387	Sonalben Harshadbhai Patel	Dena Bank	LIMKHEDA	BKDN0461345	046050090123	Cotton	Kharif	Singvad	74	1.4	1.4	2150.00	21-07-2018	Verified	Dahod				Paid
04220718000051466	Amrutbhai Jethabhai Koli	State Bank of India	KHAMBHAT	SBIN0005634	32012345678	Paddy	Kharif	Tarapur	118/2	1.0	1.0	1420.00	22-07-2018	Pending	Anand				
04220718000051592	Rekhaben Dalsukhbhai Vasava	Bank of Baroda	DEDIYAPADA	BARB0DEDIYA	33450100056782	Soyabean	Kharif	Sagbara	52	0.7	0.7	1120.00	22-07-2018	Verified	Narmada				Paid
04220718000051735	Bhagubhai Chhaganbhai Rathva	Dena Bank	BODELI	BKDN0461678	046060012345	Tur	Kharif	Sankheda	96	0.6	0.6	750.00	23-07-2018	Verified	Chhota Udepur				Paid
04220718000051810	Hansaben Kalidas Parmar	State Bank of India	BALASINOR	SBIN0006745	32234567890	Groundnut	Kharif	Virpur	39/4	1.2	1.2	1800.00	23-07-2018	Verified	Mahisagar				Paid
04220718000051954	Sureshbhai Motibhai Damor	Bank of Baroda	JHALOD	BARB0JHALOD	38760100078903	Maize - Grain	Kharif	Jhalod	187	0.8	0.8	1000.00	24-07-2018	Rejected	Dahod				
04220718000052079	Parvatiben Shanabhai Baria	Dena Bank	GODHRA	BKDN0461901	046070034567	Paddy	Kharif	Morva Hadaf	61	1.1	1.1	1560.00	24-07-2018	Verified	Panchmahal				Paid
04220718000052163	Mahendrabhai Nathabhai Patel	State Bank of India	NADIAD	SBIN0007856	32456789012	Cotton	Kharif	Mahudha	230	1.6	1.6	2460.00	25-07-2018	Verified	Kheda				Paid
04220718000052298	Champaben Rupsingbhai Bhabhor	Bank of Baroda	FATEPURA	BARB0FATEPU	41230100090124	Maize - Grain	Kharif	Sukhsar	15/1	0.5	0.5	625.00	25-07-2018	Verified	Dahod				Paid
04220718000052341	Ganpatbhai Bhikhabhai Tadvi	Dena Bank	TILAKWADA	BKDN0462234	046080056789	Soyabean	Kharif	Garudeshwar	82	0.9	0.9	1440.00	26-07-2018	Pending	Narmada				
04220718000052487	Ushaben Pravinbhai Chauhan	State Bank of India	SHEHERA	SBIN0008967	32678901234	Tur	Kharif	Shehera	104	0.7	0.7	875.00	26-07-2018	Verified	Panchmahal				Paid
04220718000051204	Vikrambhai Dhulabhai Nayak	Bank of Baroda	HALOL	BARB0HALOLX	29870100034561	Maize - Grain	Kharif	Jambughoda	210	0.9	0.9	1125.00	21-07-2018	Verified	Panchmahal				Paid
04220718000051387	Sonalben Harshadbhai Patel	Dena Bank	LIMKHEDA	BKDN0461345	046050090123	Cotton	Kharif	Singvad	74	1.4	1.4	2150.00	21-07-2018	Verified	Dahod				Paid
04220718000051466	Amrutbhai Jethabhai Koli	State Bank of India	KHAMBHAT	SBIN0005634	32012345678	Paddy	Kharif	Tarapur	118/2	1.0	1.0	1420.00	22-07-2018	Pending	Anand				
04220718000051592	Rekhaben Dalsukhbhai Vasava	Bank of Baroda	DEDIYAPADA	BARB0DEDIYA	33450100056782	Soyabean	Kharif	Sagbara	52	0.7	0.7	1120.00	22-07-2018	Verified	Narmada				Paid
04220718000051735	Bhagubhai Chhaganbhai Rathva	Dena Bank	BODELI	BKDN0461678	046060012345	Tur	Kharif	Sankheda	96	0.6	0.6	750.00	23-07-2018	Verified	Chhota Udepur				Paid
04220718000051810	Hansaben Kalidas Parmar	State Bank of India	BALASINOR	SBIN0006745	32234567890	Groundnut	Kharif	Virpur	39/4	1.2	1.2	1800.00	23-07-2018	Verified	Mahisagar				Paid
04220718000051954	Sureshbhai Motibhai Damor	Bank of Baroda	JHALOD	BARB0JHALOD	38760100078903	Maize - Grain	Kharif	Jhalod	187	0.8	0.8	1000.00	24-07-2018	Rejected	Dahod				
04220718000052079	Parvatiben Shanabhai Baria	Dena Bank	GODHRA	BKDN0461901	046070034567	Paddy	Kharif	Morva Hadaf	61	1.1	1.1	1560.00	24-07-2018	Verified	Panchmahal				Paid
04220718000052163	Mahendrabhai Nathabhai Patel	State Bank of India	NADIAD	SBIN0007856	32456789012	Cotton	Kharif	Mahudha	230	1.6	1.6	2460.00	25-07-2018	Verified	Kheda				Paid
04220718000052298	Champaben Rupsingbhai Bhabhor	Bank of Baroda	FATEPURA	BARB0FATEPU	41230100090124	Maize - Grain	Kharif	Sukhsar	15/1	0.5	0.5	625.00	25-07-2018	Verified	Dahod				Paid
04220718000052341	Ganpatbhai Bhikhabhai Tadvi	Dena Bank	TILAKWADA	BKDN0462234	046080056789	Soyabean	Kharif	Garudeshwar	82	0.9	0.9	1440.00	26-07-2018	Pending	Narmada				
04220718000052487	Ushaben Pravinbhai Chauhan	State Bank of India	SHEHERA	SBIN0008967	32678901234	Tur	Kharif	Shehera	104	0.7	0.7	875.00	26-07-2018	Verified	Panchmahal				Paid
04220718000051204	Vikrambhai Dhulabhai Nayak	Bank of Baroda	HALOL	BARB0HALOLX	29870100034561	Maize - Grain	Kharif	Jambughoda	210	0.9	0.9	1125.00	21-07-2018	Verified	Panchmahal				Paid
04220718000051387	Sonalben Harshadbhai Patel	Dena Bank	LIMKHEDA	BKDN0461345	046050090123	Cotton	Kharif	Singvad	74	1.4	1.4	2150.00	21-07-2018	Verified	Dahod				Paid
04220718000051466	Amrutbhai Jethabhai Koli	State Bank of India	KHAMBHAT	SBIN0005634	32012345678	Paddy	Kharif	Tarapur	118/2	1.0	1.0	1420.00	22-07-2018	Pending	Anand				
04220718000051592	Rekhaben Dalsukhbhai Vasava	Bank of Baroda	DEDIYAPADA	BARB0DEDIYA	33450100056782	Soyabean	Kharif	Sagbara	52	0.7	0.7	1120.00	22-07-2018	Verified	Narmada				Paid
04220718000051735	Bhagubhai Chhaganbhai Rathva	Dena Bank	BODELI	BKDN0461678	046060012345	Tur	Kharif	Sankheda	96	0.6	0.6	750.00	23-07-2018	Verified	Chhota Udepur				Paid
04220718000051810	Hansaben Kalidas Parmar	State Bank of India	BALASINOR	SBIN0006745	32234567890	Groundnut	Kharif	Virpur	39/4	1.2	1.2	1800.00	23-07-2018	Verified	Mahisagar				Paid
04220718000051954	Sureshbhai Motibhai Damor	Bank of Baroda	JHALOD	BARB0JHALOD	38760100078903	Maize - Grain	Kharif	Jhalod	187	0.8	0.8	1000.00	24-07-2018	Rejected	Dahod				
04220718000052079	Parvatiben Shanabhai Baria	Dena Bank	GODHRA	BKDN0461901	046070034567	Paddy	Kharif	Morva Hadaf	61	1.1	1.1	1560.00	24-07-2018	Verified	Panchmahal				Paid
04220718000052163	Mahendrabhai Nathabhai Patel	State Bank of India	NADIAD	SBIN0007856	32456789012	Cotton	Kharif	Mahudha	230	1.6	1.6	2460.00	25-07-2018	Verified	Kheda				Paid
04220718000052298	Champaben Rupsingbhai Bhabhor	Bank of Baroda	FATEPURA	BARB0FATEPU	41230100090124	Maize - Grain	Kharif	Sukhsar	15/1	0.5	0.5	625.00	25-07-2018	Verified	Dahod				Paid
04220718000052341	Ganpatbhai Bhikhabhai Tadvi	Dena Bank	TILAKWADA	BKDN0462234	046080056789	Soyabean	Kharif	Garudeshwar	82	0.9	0.9	1440.00	26-07-2018	Pending	Narmada				
04220718000052487	Ushaben Pravinbhai Chauhan	State Bank of India	SHEHERA	SBIN0008967	32678901234	Tur	Kharif	Shehera	104	0.7	0.7	875.00	26-07-2018	Verified	Panchmahal				Paid
04220718000051204	Vikrambhai Dhulabhai Nayak	Bank of Baroda	HALOL	BARB0HALOLX	29870100034561	Maize - Grain	Kharif	Jambughoda	210	0.9	0.9	1125.00	21-07-2018	Verified	Panchmahal				Paid
04220718000051387	Sonalben Harshadbhai Patel	Dena Bank	LIMKHEDA	BKDN0461345	046050090123	Cotton	Kharif	Singvad	74	1.4	1.4	2150.00	21-07-2018	Verified	Dahod				Paid
04220718000051466	Amrutbhai Jethabhai Koli	State Bank of India	KHAMBHAT	SBIN0005634	32012345678	Paddy	Kharif	Tarapur	118/2	1.0	1.0	1420.00	22-07-2018	Pending	Anand				
04220718000051592	Rekhaben Dalsukhbhai Vasava	Bank of Baroda	DEDIYAPADA	BARB0DEDIYA	33450100056782	Soyabean	Kharif	Sagbara	52	0.7	0.7	1120.00	22-07-2018	Verified	Narmada				Paid
04220718000051735	Bhagubhai Chhaganbhai Rathva	Dena Bank	BODELI	BKDN0461678	046060012345	Tur	Kharif	Sankheda	96	0.6	0.6	750.00	23-07-2018	Verified	Chhota Udepur				Paid
04220718000051810	Hansaben Kalidas Parmar	State Bank of India	BALASINOR	SBIN0006745	32234567890	Groundnut	Kharif	Virpur	39/4	1.2	1.2	1800.00	23-07-2018	Verified	Mahisagar				Paid
04220718000051954	Sureshbhai Motibhai Damor	Bank of Baroda	JHALOD	BARB0JHALOD	38760100078903	Maize - Grain	Kharif	Jhalod	187	0.8	0.8	1000.00	24-07-2018	Rejected	Dahod				
04220718000052079	Parvatiben Shanabhai Baria	Dena Bank	GODHRA	BKDN0461901	046070034567	Paddy	Kharif	Morva Hadaf	61	1.1	1.1	1560.00	24-07-2018	Verified	Panchmahal				Paid
04220718000052163	Mahendrabhai Nathabhai Patel	State Bank of India	NADIAD	SBIN0007856	32456789012	Cotton	Kharif	Mahudha	230	1.6	1.6	2460.00	25-07-2018	Verified	Kheda				Paid
04220718000052298	Champaben Rupsingbhai Bhabhor	Bank of Baroda	FATEPURA	BARB0FATEPU	41230100090124	Maize - Grain	Kharif	Sukhsar	15/1	0.5	0.5	625.00	25-07-2018	Verified	Dahod				Paid
04220718000052341	Ganpatbhai Bhikhabhai Tadvi	Dena Bank	TILAKWADA	BKDN0462234	046080056789	Soyabean	Kharif	Garudeshwar	82	0.9	0.9	1440.00	26-07-2018	Pending	Narmada				
04220718000052487	Ushaben Pravinbhai Chauhan	State Bank of India	SHEHERA	SBIN0008967	32678901234	Tur	Kharif	Shehera	104	0.7	0.7	875.00	26-07-2018	Verified	Panchmahal				Paid
04220718000051204	Vikrambhai Dhulabhai Nayak	Bank of Baroda	HALOL	BARB0HALOLX	29870100034561	Maize - Grain	Kharif	Jambughoda	210	0.9	0.9	1125.00	21-07-2018	Verified	Panchmahal				Paid
04220718000051387	Sonalben Harshadbhai Patel	Dena Bank	LIMKHEDA	BKDN0461345	046050090123	Cotton	Kharif	Singvad	74	1.4	1.4	2150.00	21-07-2018	Verified	Dahod				Paid
